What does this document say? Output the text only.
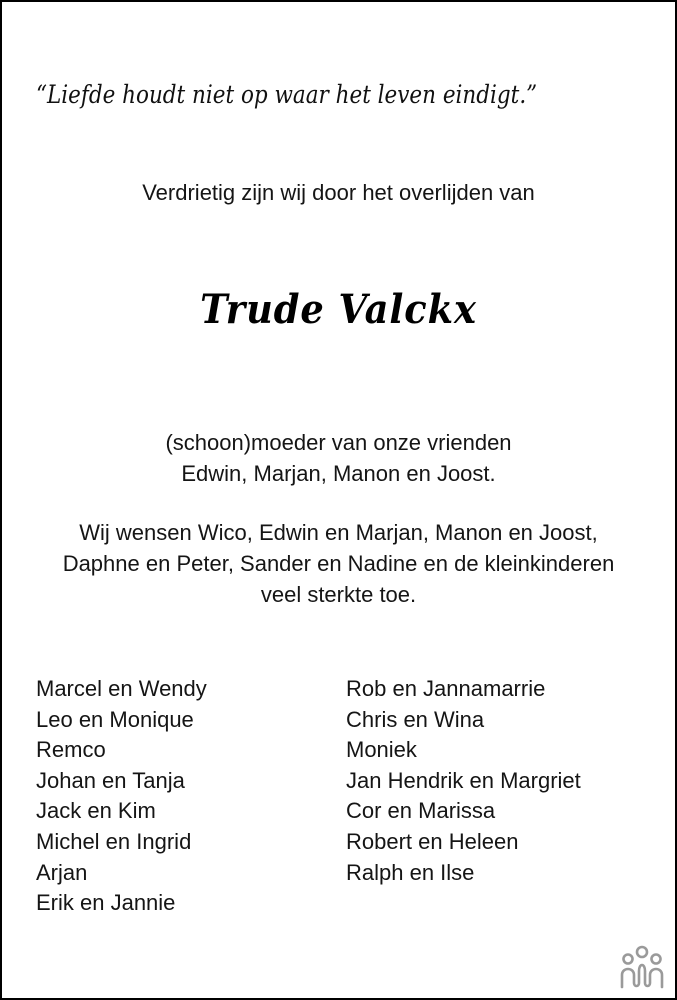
“Liefde houdt niet op waar het leven eindigt.”
Verdrietig zijn wij door het overlijden van
Trude Valckx
(schoon)moeder van onze vrienden
Edwin, Marjan, Manon en Joost.
Wij wensen Wico, Edwin en Marjan, Manon en Joost,
Daphne en Peter, Sander en Nadine en de kleinkinderen
veel sterkte toe.
Marcel en Wendy
Leo en Monique
Remco
Johan en Tanja
Jack en Kim
Michel en Ingrid
Arjan
Erik en Jannie
Rob en Jannamarrie
Chris en Wina
Moniek
Jan Hendrik en Margriet
Cor en Marissa
Robert en Heleen
Ralph en Ilse
